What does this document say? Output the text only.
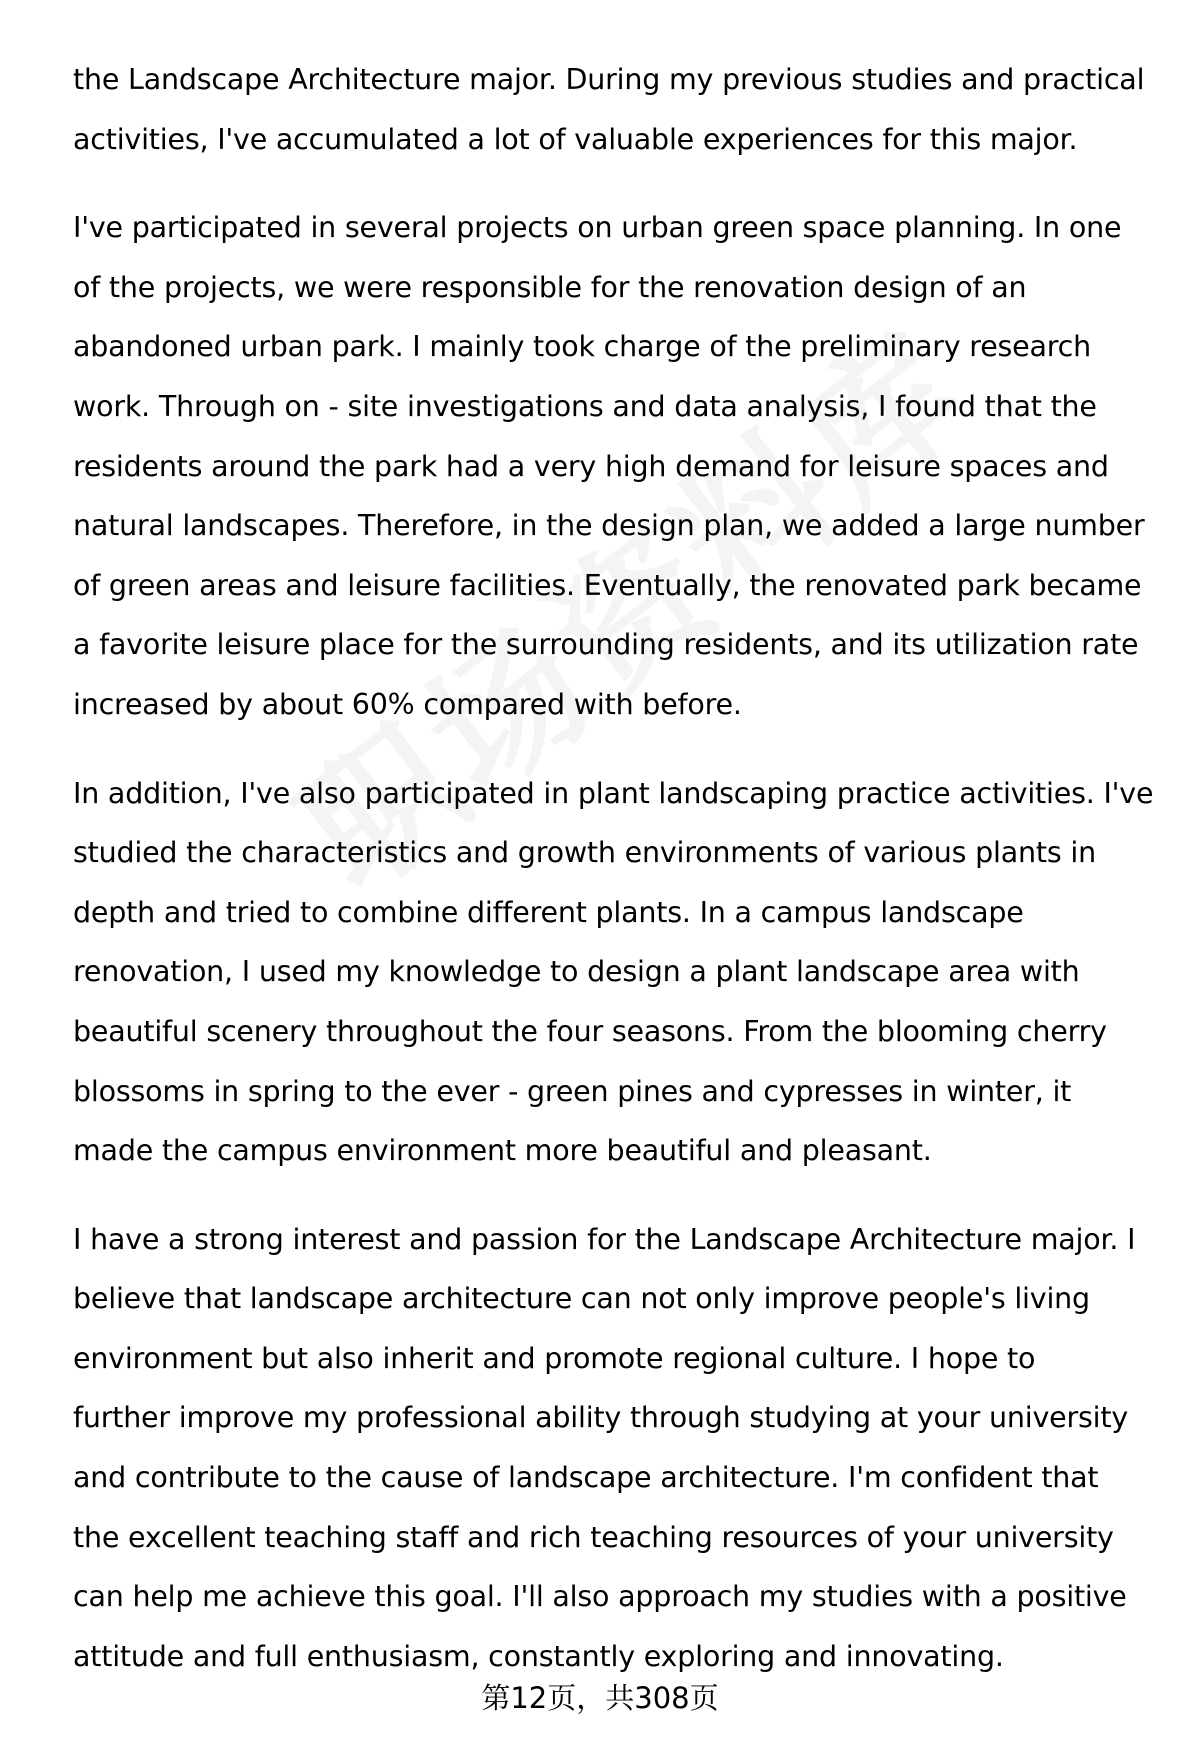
the Landscape Architecture major. During my previous studies and practical
activities, I've accumulated a lot of valuable experiences for this major.

I've participated in several projects on urban green space planning. In one
of the projects, we were responsible for the renovation design of an
abandoned urban park. I mainly took charge of the preliminary research
work. Through on - site investigations and data analysis, I found that the
residents around the park had a very high demand for leisure spaces and
natural landscapes. Therefore, in the design plan, we added a large number
of green areas and leisure facilities. Eventually, the renovated park became
a favorite leisure place for the surrounding residents, and its utilization rate
increased by about 60% compared with before.

In addition, I've also participated in plant landscaping practice activities. I've
studied the characteristics and growth environments of various plants in
depth and tried to combine different plants. In a campus landscape
renovation, I used my knowledge to design a plant landscape area with
beautiful scenery throughout the four seasons. From the blooming cherry
blossoms in spring to the ever - green pines and cypresses in winter, it
made the campus environment more beautiful and pleasant.

I have a strong interest and passion for the Landscape Architecture major. I
believe that landscape architecture can not only improve people's living
environment but also inherit and promote regional culture. I hope to
further improve my professional ability through studying at your university
and contribute to the cause of landscape architecture. I'm confident that
the excellent teaching staff and rich teaching resources of your university
can help me achieve this goal. I'll also approach my studies with a positive
attitude and full enthusiasm, constantly exploring and innovating.

第12页，共308页
